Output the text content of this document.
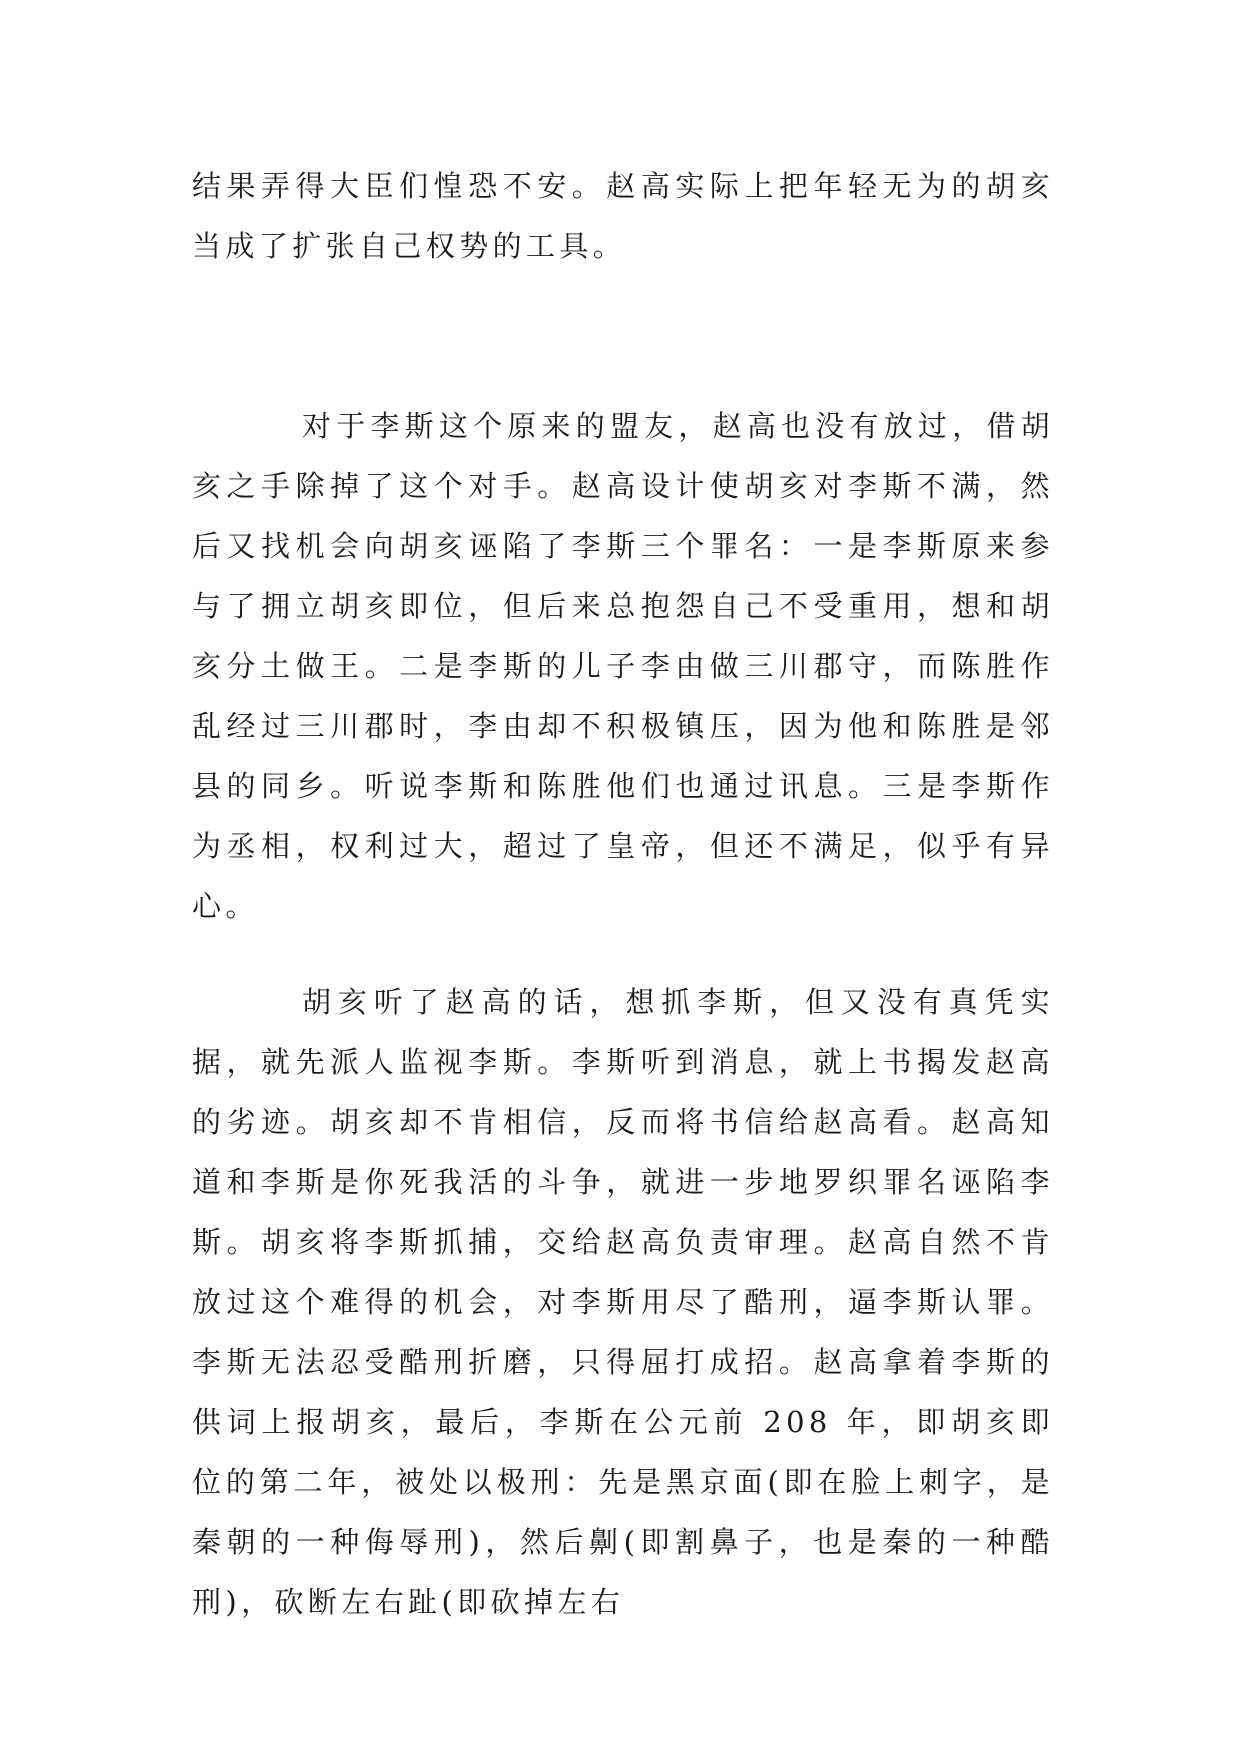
结果弄得大臣们惶恐不安。赵高实际上把年轻无为的胡亥当成了扩张自己权势的工具。

对于李斯这个原来的盟友，赵高也没有放过，借胡亥之手除掉了这个对手。赵高设计使胡亥对李斯不满，然后又找机会向胡亥诬陷了李斯三个罪名：一是李斯原来参与了拥立胡亥即位，但后来总抱怨自己不受重用，想和胡亥分土做王。二是李斯的儿子李由做三川郡守，而陈胜作乱经过三川郡时，李由却不积极镇压，因为他和陈胜是邻县的同乡。听说李斯和陈胜他们也通过讯息。三是李斯作为丞相，权利过大，超过了皇帝，但还不满足，似乎有异心。

胡亥听了赵高的话，想抓李斯，但又没有真凭实据，就先派人监视李斯。李斯听到消息，就上书揭发赵高的劣迹。胡亥却不肯相信，反而将书信给赵高看。赵高知道和李斯是你死我活的斗争，就进一步地罗织罪名诬陷李斯。胡亥将李斯抓捕，交给赵高负责审理。赵高自然不肯放过这个难得的机会，对李斯用尽了酷刑，逼李斯认罪。李斯无法忍受酷刑折磨，只得屈打成招。赵高拿着李斯的供词上报胡亥，最后，李斯在公元前 208 年，即胡亥即位的第二年，被处以极刑：先是黑京面(即在脸上刺字，是秦朝的一种侮辱刑)，然后劓(即割鼻子，也是秦的一种酷刑)，砍断左右趾(即砍掉左右
